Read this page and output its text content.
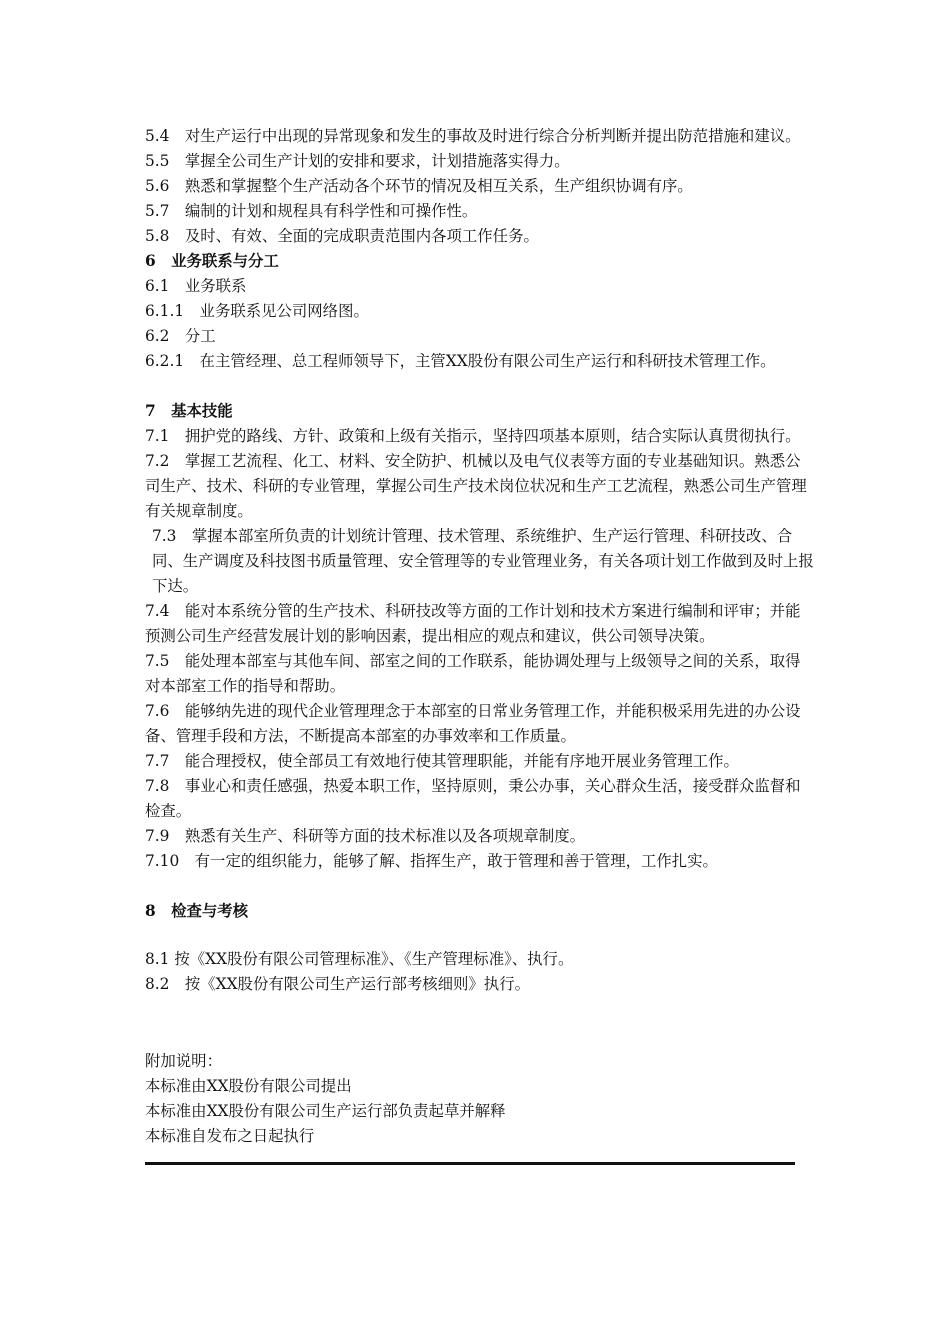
5.4　对生产运行中出现的异常现象和发生的事故及时进行综合分析判断并提出防范措施和建议。

5.5　掌握全公司生产计划的安排和要求，计划措施落实得力。

5.6　熟悉和掌握整个生产活动各个环节的情况及相互关系，生产组织协调有序。

5.7　编制的计划和规程具有科学性和可操作性。

5.8　及时、有效、全面的完成职责范围内各项工作任务。

6　业务联系与分工

6.1　业务联系

6.1.1　业务联系见公司网络图。

6.2　分工

6.2.1　在主管经理、总工程师领导下，主管XX股份有限公司生产运行和科研技术管理工作。

7　基本技能

7.1　拥护党的路线、方针、政策和上级有关指示，坚持四项基本原则，结合实际认真贯彻执行。

7.2　掌握工艺流程、化工、材料、安全防护、机械以及电气仪表等方面的专业基础知识。熟悉公司生产、技术、科研的专业管理，掌握公司生产技术岗位状况和生产工艺流程，熟悉公司生产管理有关规章制度。

7.3　掌握本部室所负责的计划统计管理、技术管理、系统维护、生产运行管理、科研技改、合同、生产调度及科技图书质量管理、安全管理等的专业管理业务，有关各项计划工作做到及时上报下达。

7.4　能对本系统分管的生产技术、科研技改等方面的工作计划和技术方案进行编制和评审；并能预测公司生产经营发展计划的影响因素，提出相应的观点和建议，供公司领导决策。

7.5　能处理本部室与其他车间、部室之间的工作联系，能协调处理与上级领导之间的关系，取得对本部室工作的指导和帮助。

7.6　能够纳先进的现代企业管理理念于本部室的日常业务管理工作，并能积极采用先进的办公设备、管理手段和方法，不断提高本部室的办事效率和工作质量。

7.7　能合理授权，使全部员工有效地行使其管理职能，并能有序地开展业务管理工作。

7.8　事业心和责任感强，热爱本职工作，坚持原则，秉公办事，关心群众生活，接受群众监督和检查。

7.9　熟悉有关生产、科研等方面的技术标准以及各项规章制度。

7.10　有一定的组织能力，能够了解、指挥生产，敢于管理和善于管理，工作扎实。

8　检查与考核

8.1 按《XX股份有限公司管理标准》、《生产管理标准》、执行。

8.2　按《XX股份有限公司生产运行部考核细则》执行。

附加说明：

本标准由XX股份有限公司提出

本标准由XX股份有限公司生产运行部负责起草并解释

本标准自发布之日起执行
